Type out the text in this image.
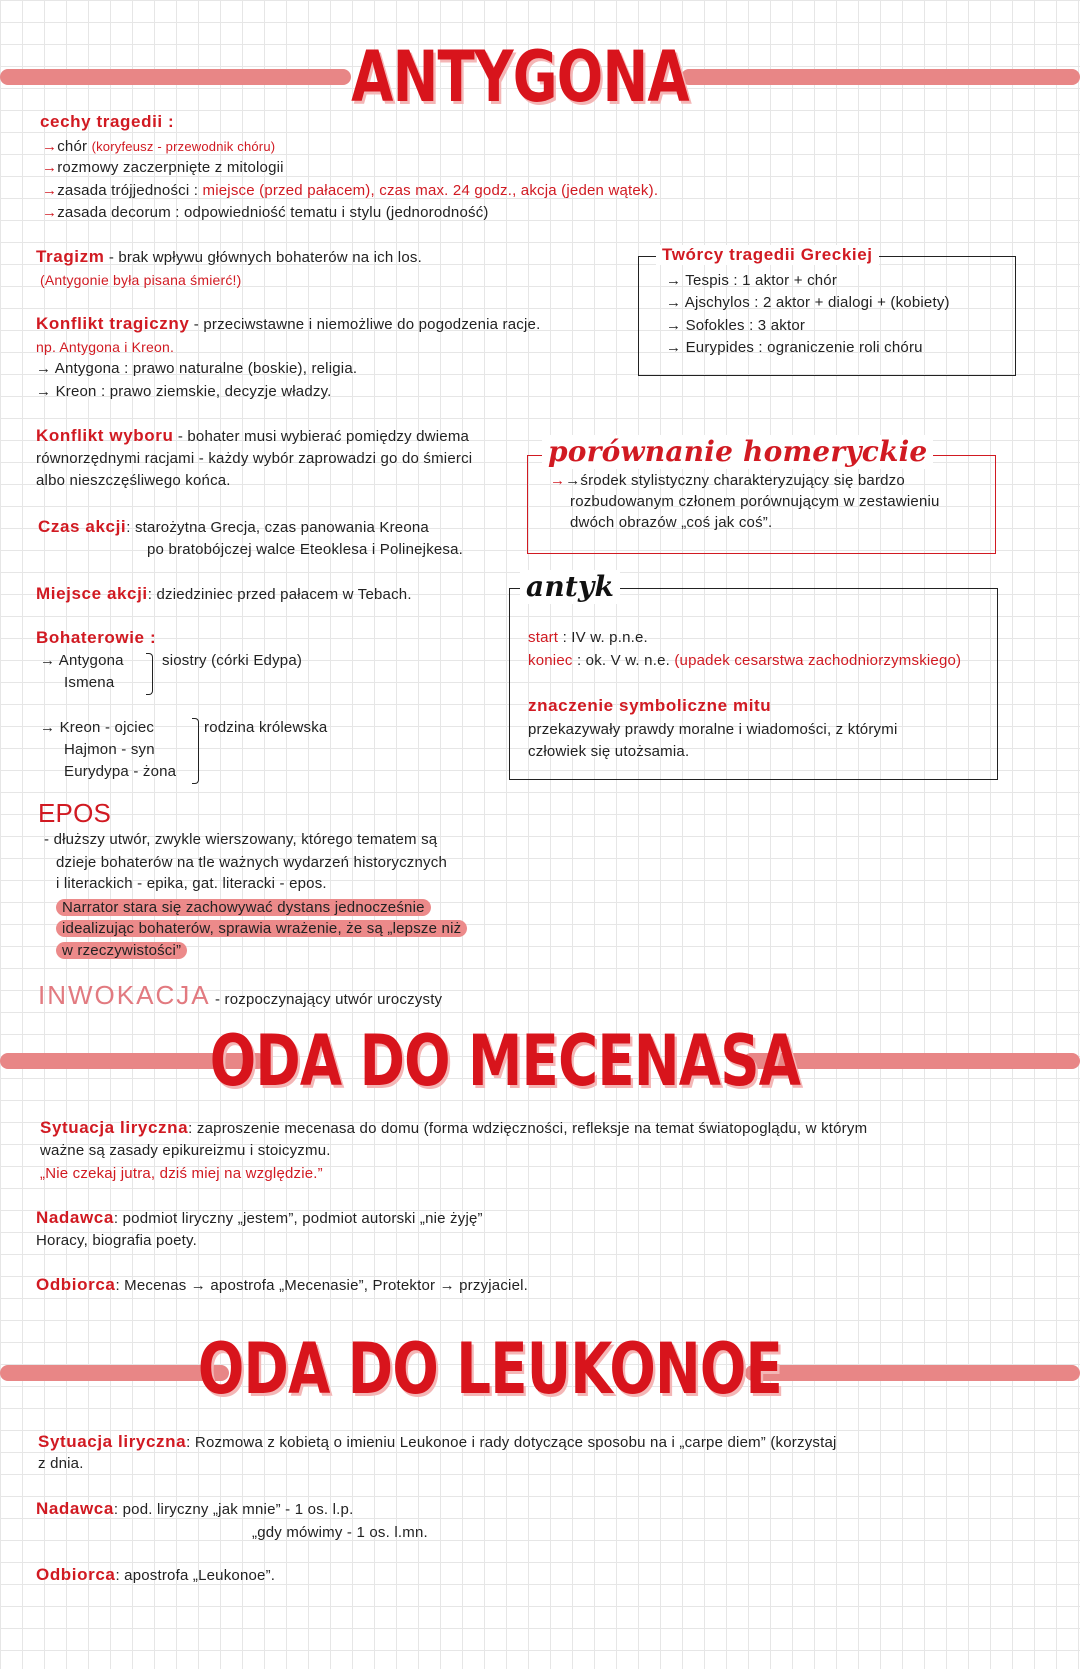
ANTYGONA
cechy tragedii :
→chór (koryfeusz - przewodnik chóru)
→rozmowy zaczerpnięte z mitologii
→zasada trójjedności : miejsce (przed pałacem), czas max. 24 godz., akcja (jeden wątek).
→zasada decorum : odpowiedniość tematu i stylu (jednorodność)
Tragizm - brak wpływu głównych bohaterów na ich los.
(Antygonie była pisana śmierć!)
Konflikt tragiczny - przeciwstawne i niemożliwe do pogodzenia racje.
np. Antygona i Kreon.
→ Antygona : prawo naturalne (boskie), religia.
→ Kreon : prawo ziemskie, decyzje władzy.
Twórcy tragedii Greckiej
→ Tespis : 1 aktor + chór
→ Ajschylos : 2 aktor + dialogi + (kobiety)
→ Sofokles : 3 aktor
→ Eurypides : ograniczenie roli chóru
Konflikt wyboru - bohater musi wybierać pomiędzy dwiema
równorzędnymi racjami - każdy wybór zaprowadzi go do śmierci
albo nieszczęśliwego końca.
porównanie homeryckie
→→środek stylistyczny charakteryzujący się bardzo
rozbudowanym członem porównującym w zestawieniu
dwóch obrazów „coś jak coś”.
Czas akcji: starożytna Grecja, czas panowania Kreona
po bratobójczej walce Eteoklesa i Polinejkesa.
Miejsce akcji: dziedziniec przed pałacem w Tebach.	antyk
start : IV w. p.n.e.
koniec : ok. V w. n.e. (upadek cesarstwa zachodniorzymskiego)
znaczenie symboliczne mitu
przekazywały prawdy moralne i wiadomości, z którymi
człowiek się utożsamia.
Bohaterowie :
→ Antygona
Ismena
siostry (córki Edypa)
→ Kreon - ojciec
Hajmon - syn
Eurydypa - żona
rodzina królewska
EPOS
- dłuższy utwór, zwykle wierszowany, którego tematem są
dzieje bohaterów na tle ważnych wydarzeń historycznych
i literackich - epika, gat. literacki - epos.
Narrator stara się zachowywać dystans jednocześnie
idealizując bohaterów, sprawia wrażenie, że są „lepsze niż
w rzeczywistości”
INWOKACJA - rozpoczynający utwór uroczysty
ODA DO MECENASA
Sytuacja liryczna: zaproszenie mecenasa do domu (forma wdzięczności, refleksje na temat światopoglądu, w którym
ważne są zasady epikureizmu i stoicyzmu.
„Nie czekaj jutra, dziś miej na względzie.”
Nadawca: podmiot liryczny „jestem”, podmiot autorski „nie żyję”
Horacy, biografia poety.
Odbiorca: Mecenas → apostrofa „Mecenasie”, Protektor → przyjaciel.
ODA DO LEUKONOE
Sytuacja liryczna: Rozmowa z kobietą o imieniu Leukonoe i rady dotyczące sposobu na i „carpe diem” (korzystaj
z dnia.
Nadawca: pod. liryczny „jak mnie” - 1 os. l.p.
„gdy mówimy - 1 os. l.mn.
Odbiorca: apostrofa „Leukonoe”.
